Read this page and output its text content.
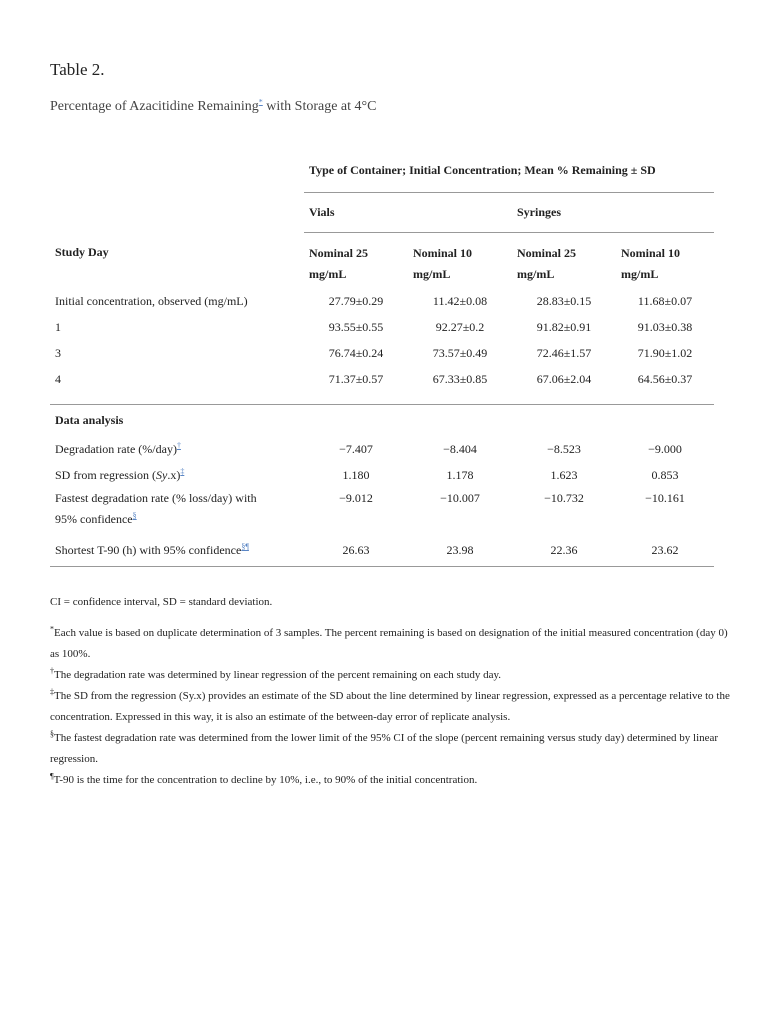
Table 2.
Percentage of Azacitidine Remaining* with Storage at 4°C
	Type of Container; Initial Concentration; Mean % Remaining ± SD			
	Vials		Syringes	
Study Day	Nominal 25 mg/mL	Nominal 10 mg/mL	Nominal 25 mg/mL	Nominal 10 mg/mL
Initial concentration, observed (mg/mL)	27.79±0.29	11.42±0.08	28.83±0.15	11.68±0.07
1	93.55±0.55	92.27±0.2	91.82±0.91	91.03±0.38
3	76.74±0.24	73.57±0.49	72.46±1.57	71.90±1.02
4	71.37±0.57	67.33±0.85	67.06±2.04	64.56±0.37

Data analysis				
Degradation rate (%/day)†	−7.407	−8.404	−8.523	−9.000
SD from regression (Sy.x)‡	1.180	1.178	1.623	0.853
Fastest degradation rate (% loss/day) with
95% confidence§	−9.012	−10.007	−10.732	−10.161
Shortest T-90 (h) with 95% confidence§¶	26.63	23.98	22.36	23.62

CI = confidence interval, SD = standard deviation.

*Each value is based on duplicate determination of 3 samples. The percent remaining is based on designation of the initial measured concentration (day 0) as 100%.

†The degradation rate was determined by linear regression of the percent remaining on each study day.

‡The SD from the regression (Sy.x) provides an estimate of the SD about the line determined by linear regression, expressed as a percentage relative to the concentration. Expressed in this way, it is also an estimate of the between-day error of replicate analysis.

§The fastest degradation rate was determined from the lower limit of the 95% CI of the slope (percent remaining versus study day) determined by linear regression.

¶T-90 is the time for the concentration to decline by 10%, i.e., to 90% of the initial concentration.
